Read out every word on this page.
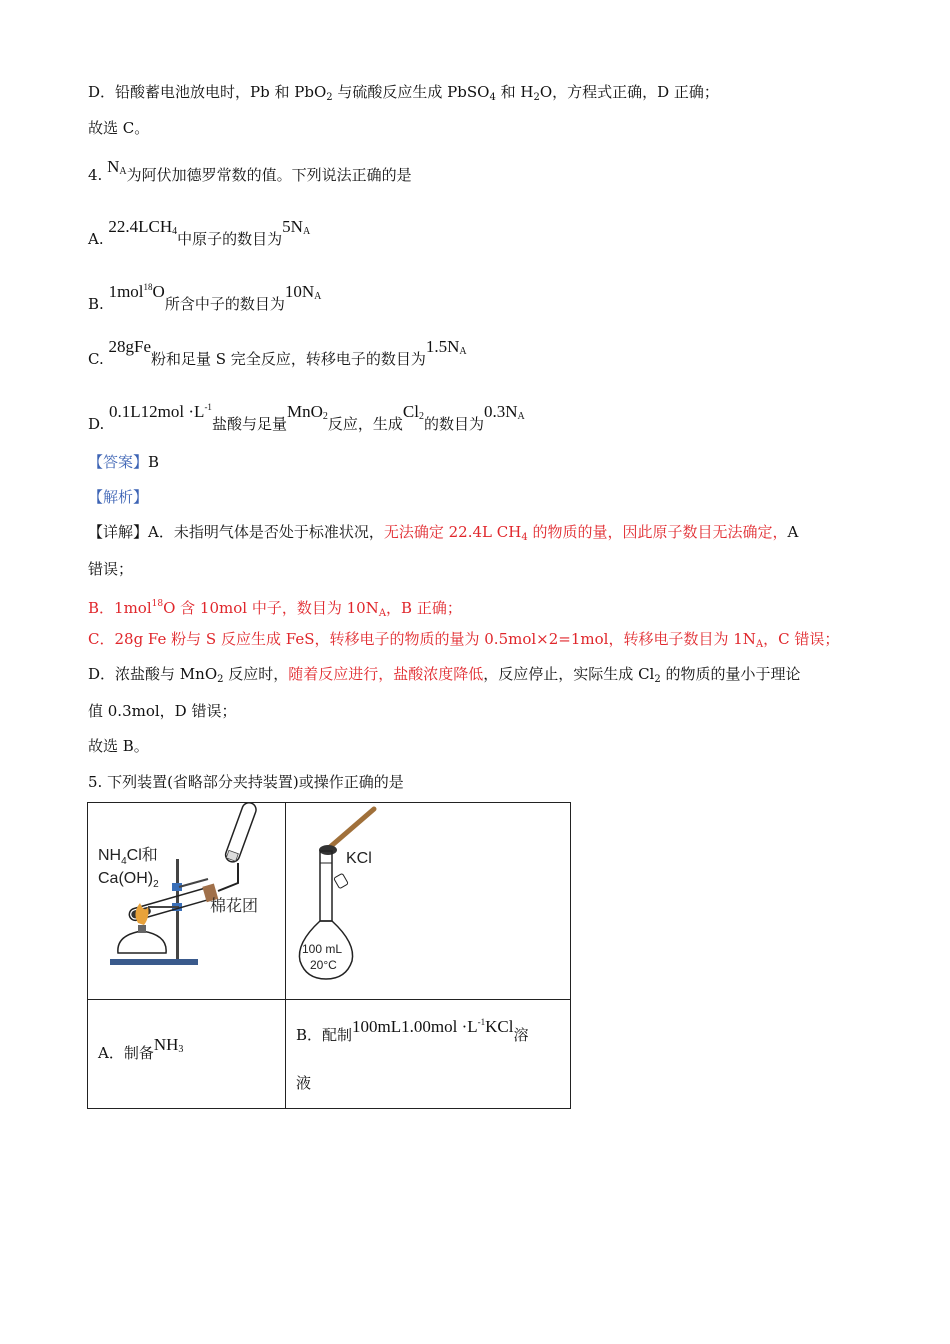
D．铅酸蓄电池放电时，Pb 和 PbO$_2$ 与硫酸反应生成 PbSO$_4$ 和 $H_2O$，方程式正确，D 正确；
故选 C。
4. $N_A$为阿伏加德罗常数的值。下列说法正确的是
A. $22.4LCH_4$中原子的数目为$5N_A$
B. 1mol$^{18}$O所含中子的数目为$10N_A$
C. 28gFe粉和足量 S 完全反应，转移电子的数目为$1.5N_A$
D. $0.1L12mol \cdot L^{-1}$盐酸与足量MnO$_2$反应，生成$Cl_2$的数目为$0.3N_A$
【答案】B
【解析】
【详解】A．未指明气体是否处于标准状况，无法确定 22.4L $CH_4$ 的物质的量，因此原子数目无法确定，A
错误；
B．1mol$^{18}$O 含 10mol 中子，数目为 $10N_A$，B 正确；
C．28g Fe 粉与 S 反应生成 FeS，转移电子的物质的量为 0.5mol×2=1mol，转移电子数目为 $1N_A$，C 错误；
D．浓盐酸与 MnO$_2$ 反应时，随着反应进行，盐酸浓度降低，反应停止，实际生成 $Cl_2$ 的物质的量小于理论
值 0.3mol，D 错误；
故选 B。
5. 下列装置(省略部分夹持装置)或操作正确的是
$NH_4Cl$和
$Ca(OH)_2$
棉花团	KCl
100 mL
20°C

A．制备$NH_3$	B．配制$100mL1.00mol \cdot L^{-1}KCl$溶
液
